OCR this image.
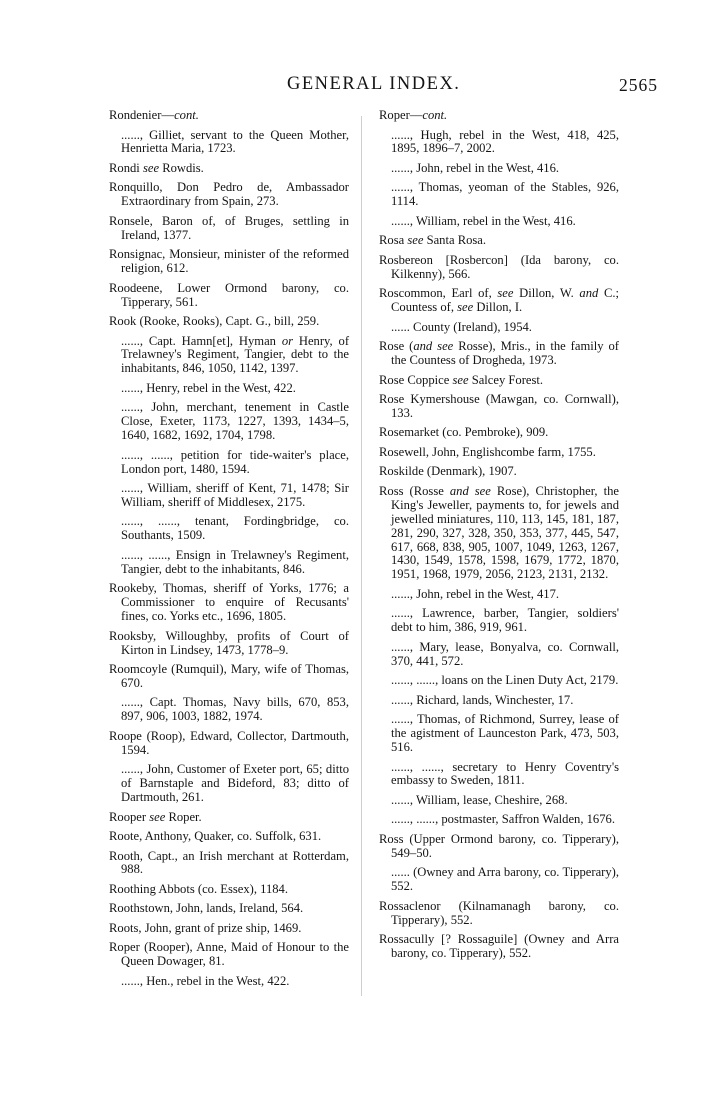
GENERAL INDEX.	2565
Rondenier—cont.
......, Gilliet, servant to the Queen Mother, Henrietta Maria, 1723.
Rondi see Rowdis.
Ronquillo, Don Pedro de, Ambassador Extraordinary from Spain, 273.
Ronsele, Baron of, of Bruges, settling in Ireland, 1377.
Ronsignac, Monsieur, minister of the reformed religion, 612.
Roodeene, Lower Ormond barony, co. Tipperary, 561.
Rook (Rooke, Rooks), Capt. G., bill, 259.
......, Capt. Hamn[et], Hyman or Henry, of Trelawney's Regiment, Tangier, debt to the inhabitants, 846, 1050, 1142, 1397.
......, Henry, rebel in the West, 422.
......, John, merchant, tenement in Castle Close, Exeter, 1173, 1227, 1393, 1434–5, 1640, 1682, 1692, 1704, 1798.
......, ......, petition for tide-waiter's place, London port, 1480, 1594.
......, William, sheriff of Kent, 71, 1478; Sir William, sheriff of Middlesex, 2175.
......, ......, tenant, Fordingbridge, co. Southants, 1509.
......, ......, Ensign in Trelawney's Regiment, Tangier, debt to the inhabitants, 846.
Rookeby, Thomas, sheriff of Yorks, 1776; a Commissioner to enquire of Recusants' fines, co. Yorks etc., 1696, 1805.
Rooksby, Willoughby, profits of Court of Kirton in Lindsey, 1473, 1778–9.
Roomcoyle (Rumquil), Mary, wife of Thomas, 670.
......, Capt. Thomas, Navy bills, 670, 853, 897, 906, 1003, 1882, 1974.
Roope (Roop), Edward, Collector, Dartmouth, 1594.
......, John, Customer of Exeter port, 65; ditto of Barnstaple and Bideford, 83; ditto of Dartmouth, 261.
Rooper see Roper.
Roote, Anthony, Quaker, co. Suffolk, 631.
Rooth, Capt., an Irish merchant at Rotterdam, 988.
Roothing Abbots (co. Essex), 1184.
Roothstown, John, lands, Ireland, 564.
Roots, John, grant of prize ship, 1469.
Roper (Rooper), Anne, Maid of Honour to the Queen Dowager, 81.
......, Hen., rebel in the West, 422.
Roper—cont.
......, Hugh, rebel in the West, 418, 425, 1895, 1896–7, 2002.
......, John, rebel in the West, 416.
......, Thomas, yeoman of the Stables, 926, 1114.
......, William, rebel in the West, 416.
Rosa see Santa Rosa.
Rosbereon [Rosbercon] (Ida barony, co. Kilkenny), 566.
Roscommon, Earl of, see Dillon, W. and C.; Countess of, see Dillon, I.
...... County (Ireland), 1954.
Rose (and see Rosse), Mris., in the family of the Countess of Drogheda, 1973.
Rose Coppice see Salcey Forest.
Rose Kymershouse (Mawgan, co. Cornwall), 133.
Rosemarket (co. Pembroke), 909.
Rosewell, John, Englishcombe farm, 1755.
Roskilde (Denmark), 1907.
Ross (Rosse and see Rose), Christopher, the King's Jeweller, payments to, for jewels and jewelled miniatures, 110, 113, 145, 181, 187, 281, 290, 327, 328, 350, 353, 377, 445, 547, 617, 668, 838, 905, 1007, 1049, 1263, 1267, 1430, 1549, 1578, 1598, 1679, 1772, 1870, 1951, 1968, 1979, 2056, 2123, 2131, 2132.
......, John, rebel in the West, 417.
......, Lawrence, barber, Tangier, soldiers' debt to him, 386, 919, 961.
......, Mary, lease, Bonyalva, co. Cornwall, 370, 441, 572.
......, ......, loans on the Linen Duty Act, 2179.
......, Richard, lands, Winchester, 17.
......, Thomas, of Richmond, Surrey, lease of the agistment of Launceston Park, 473, 503, 516.
......, ......, secretary to Henry Coventry's embassy to Sweden, 1811.
......, William, lease, Cheshire, 268.
......, ......, postmaster, Saffron Walden, 1676.
Ross (Upper Ormond barony, co. Tipperary), 549–50.
...... (Owney and Arra barony, co. Tipperary), 552.
Rossaclenor (Kilnamanagh barony, co. Tipperary), 552.
Rossacully [? Rossaguile] (Owney and Arra barony, co. Tipperary), 552.
